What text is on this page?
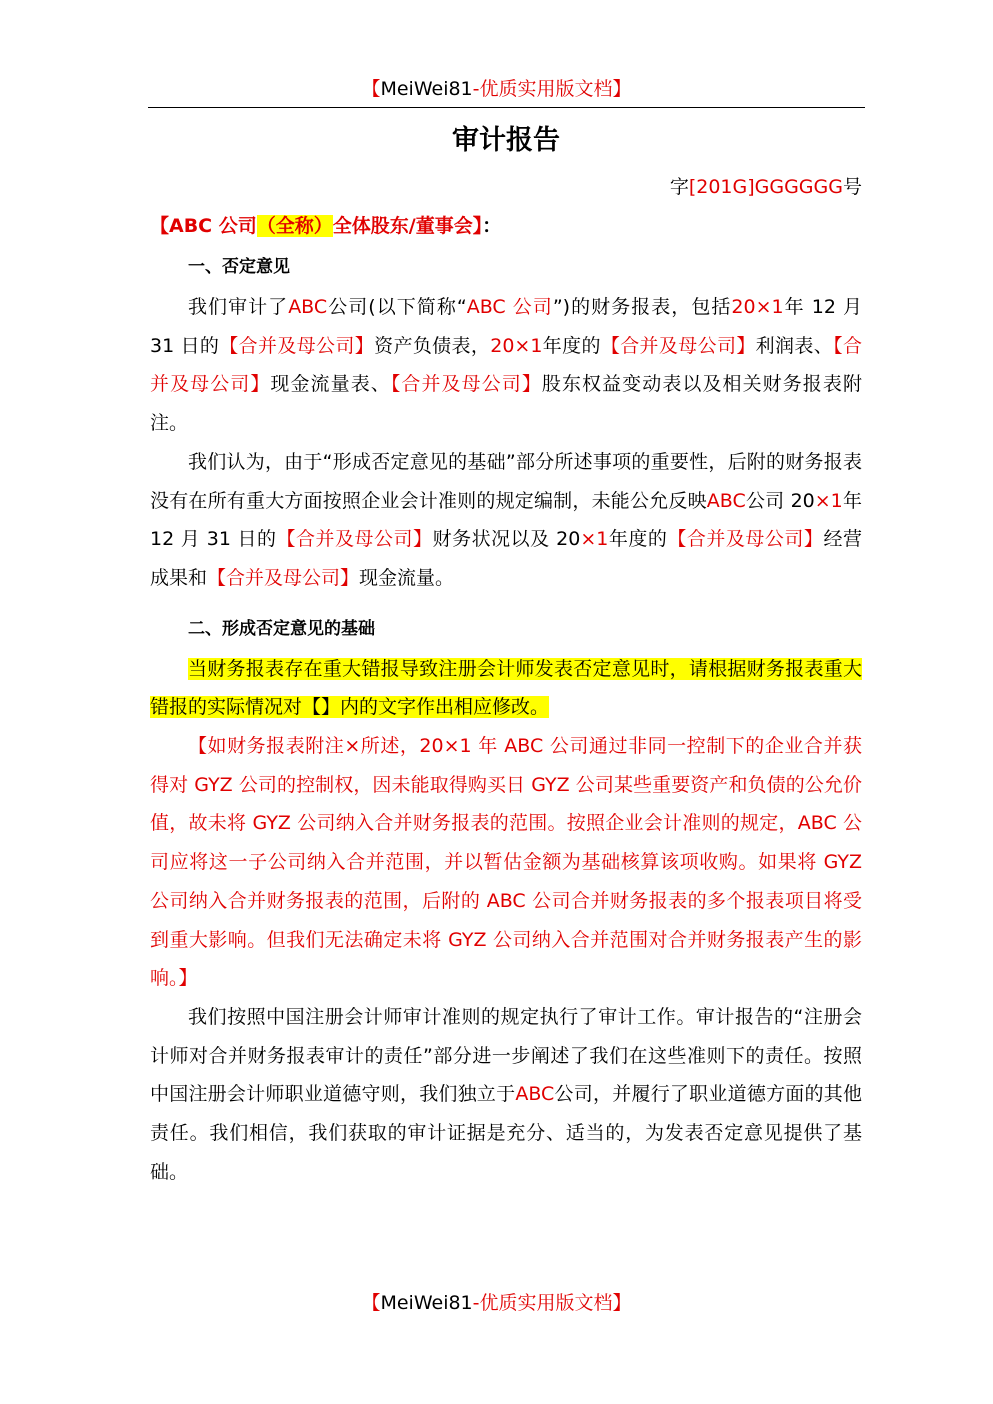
【MeiWei81-优质实用版文档】
审计报告
字[201G]GGGGGG号
【ABC 公司（全称）全体股东/董事会】：
一、否定意见

我们审计了ABC公司(以下简称“ABC 公司”)的财务报表，包括20×1年 12 月 31 日的【合并及母公司】资产负债表，20×1年度的【合并及母公司】利润表、【合并及母公司】现金流量表、【合并及母公司】股东权益变动表以及相关财务报表附注。

我们认为，由于“形成否定意见的基础”部分所述事项的重要性，后附的财务报表没有在所有重大方面按照企业会计准则的规定编制，未能公允反映ABC公司 20×1年 12 月 31 日的【合并及母公司】财务状况以及 20×1年度的【合并及母公司】经营成果和【合并及母公司】现金流量。

二、形成否定意见的基础

当财务报表存在重大错报导致注册会计师发表否定意见时，请根据财务报表重大错报的实际情况对【】内的文字作出相应修改。

【如财务报表附注×所述，20×1 年 ABC 公司通过非同一控制下的企业合并获得对 GYZ 公司的控制权，因未能取得购买日 GYZ 公司某些重要资产和负债的公允价值，故未将 GYZ 公司纳入合并财务报表的范围。按照企业会计准则的规定，ABC 公司应将这一子公司纳入合并范围，并以暂估金额为基础核算该项收购。如果将 GYZ 公司纳入合并财务报表的范围，后附的 ABC 公司合并财务报表的多个报表项目将受到重大影响。但我们无法确定未将 GYZ 公司纳入合并范围对合并财务报表产生的影响。】

我们按照中国注册会计师审计准则的规定执行了审计工作。审计报告的“注册会计师对合并财务报表审计的责任”部分进一步阐述了我们在这些准则下的责任。按照中国注册会计师职业道德守则，我们独立于ABC公司，并履行了职业道德方面的其他责任。我们相信，我们获取的审计证据是充分、适当的，为发表否定意见提供了基础。

【MeiWei81-优质实用版文档】
